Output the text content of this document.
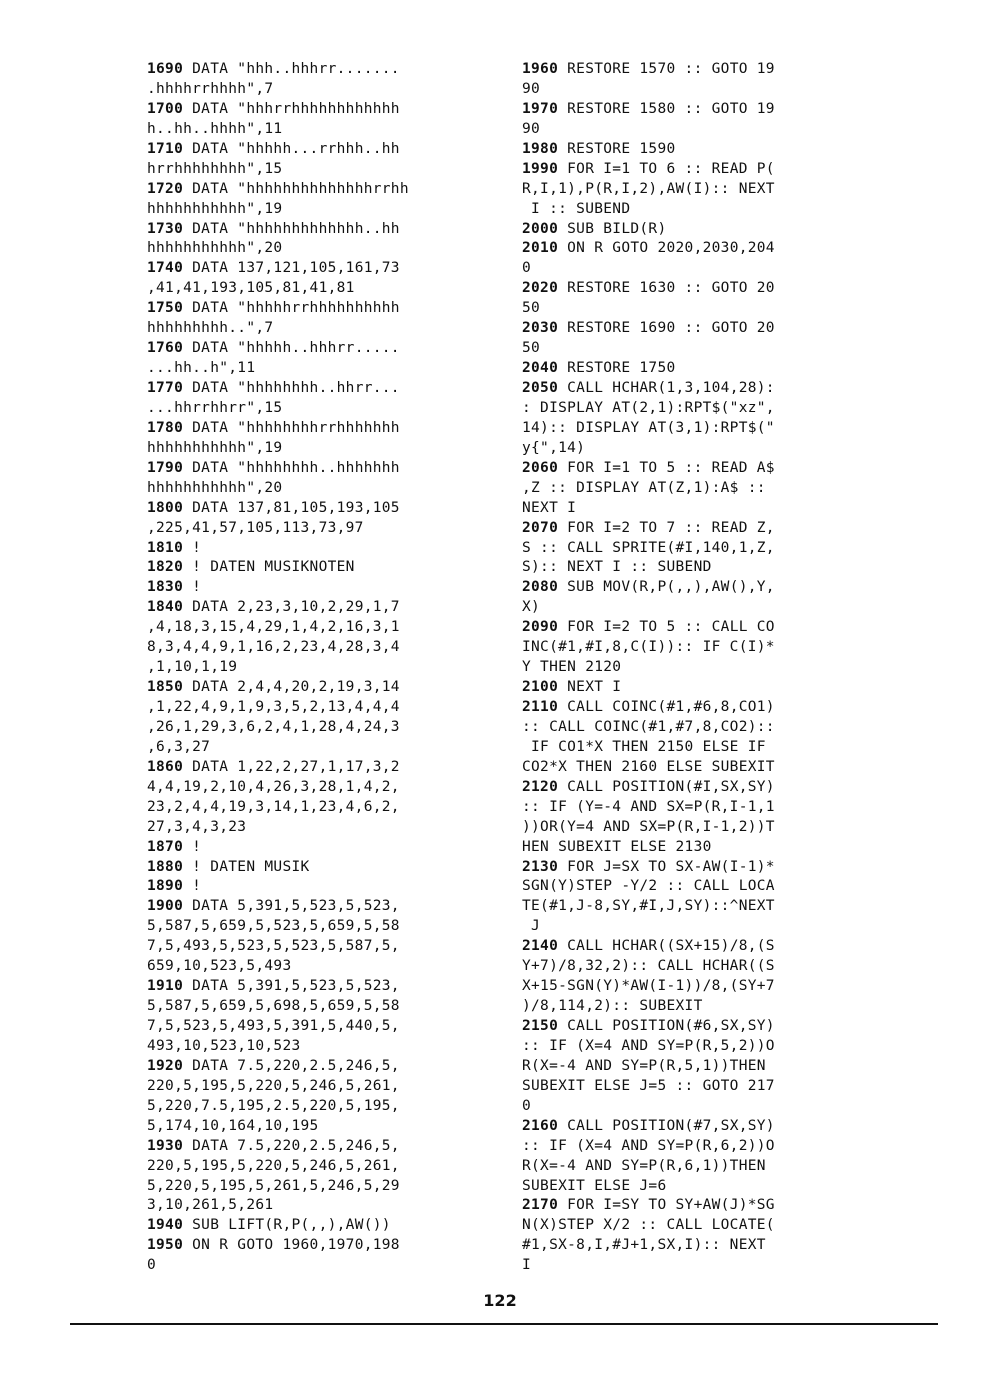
1690 DATA "hhh..hhhrr.......
.hhhhrrhhhh",7
1700 DATA "hhhrrhhhhhhhhhhhh
h..hh..hhhh",11
1710 DATA "hhhhh...rrhhh..hh
hrrhhhhhhhh",15
1720 DATA "hhhhhhhhhhhhhhrrhh
hhhhhhhhhhh",19
1730 DATA "hhhhhhhhhhhhh..hh
hhhhhhhhhhh",20
1740 DATA 137,121,105,161,73
,41,41,193,105,81,41,81
1750 DATA "hhhhhrrhhhhhhhhhh
hhhhhhhhh..",7
1760 DATA "hhhhh..hhhrr.....
...hh..h",11
1770 DATA "hhhhhhhh..hhrr...
...hhrrhhrr",15
1780 DATA "hhhhhhhhrrhhhhhhh
hhhhhhhhhhh",19
1790 DATA "hhhhhhhh..hhhhhhh
hhhhhhhhhhh",20
1800 DATA 137,81,105,193,105
,225,41,57,105,113,73,97
1810 !
1820 ! DATEN MUSIKNOTEN
1830 !
1840 DATA 2,23,3,10,2,29,1,7
,4,18,3,15,4,29,1,4,2,16,3,1
8,3,4,4,9,1,16,2,23,4,28,3,4
,1,10,1,19
1850 DATA 2,4,4,20,2,19,3,14
,1,22,4,9,1,9,3,5,2,13,4,4,4
,26,1,29,3,6,2,4,1,28,4,24,3
,6,3,27
1860 DATA 1,22,2,27,1,17,3,2
4,4,19,2,10,4,26,3,28,1,4,2,
23,2,4,4,19,3,14,1,23,4,6,2,
27,3,4,3,23
1870 !
1880 ! DATEN MUSIK
1890 !
1900 DATA 5,391,5,523,5,523,
5,587,5,659,5,523,5,659,5,58
7,5,493,5,523,5,523,5,587,5,
659,10,523,5,493
1910 DATA 5,391,5,523,5,523,
5,587,5,659,5,698,5,659,5,58
7,5,523,5,493,5,391,5,440,5,
493,10,523,10,523
1920 DATA 7.5,220,2.5,246,5,
220,5,195,5,220,5,246,5,261,
5,220,7.5,195,2.5,220,5,195,
5,174,10,164,10,195
1930 DATA 7.5,220,2.5,246,5,
220,5,195,5,220,5,246,5,261,
5,220,5,195,5,261,5,246,5,29
3,10,261,5,261
1940 SUB LIFT(R,P(,,),AW())
1950 ON R GOTO 1960,1970,198
0
1960 RESTORE 1570 :: GOTO 19
90
1970 RESTORE 1580 :: GOTO 19
90
1980 RESTORE 1590
1990 FOR I=1 TO 6 :: READ P(
R,I,1),P(R,I,2),AW(I):: NEXT
I :: SUBEND
2000 SUB BILD(R)
2010 ON R GOTO 2020,2030,204
0
2020 RESTORE 1630 :: GOTO 20
50
2030 RESTORE 1690 :: GOTO 20
50
2040 RESTORE 1750
2050 CALL HCHAR(1,3,104,28):
: DISPLAY AT(2,1):RPT$("xz",
14):: DISPLAY AT(3,1):RPT$("
y{",14)
2060 FOR I=1 TO 5 :: READ A$
,Z :: DISPLAY AT(Z,1):A$ ::
NEXT I
2070 FOR I=2 TO 7 :: READ Z,
S :: CALL SPRITE(#I,140,1,Z,
S):: NEXT I :: SUBEND
2080 SUB MOV(R,P(,,),AW(),Y,
X)
2090 FOR I=2 TO 5 :: CALL CO
INC(#1,#I,8,C(I)):: IF C(I)*
Y THEN 2120
2100 NEXT I
2110 CALL COINC(#1,#6,8,CO1)
:: CALL COINC(#1,#7,8,CO2)::
IF CO1*X THEN 2150 ELSE IF
CO2*X THEN 2160 ELSE SUBEXIT
2120 CALL POSITION(#I,SX,SY)
:: IF (Y=-4 AND SX=P(R,I-1,1
))OR(Y=4 AND SX=P(R,I-1,2))T
HEN SUBEXIT ELSE 2130
2130 FOR J=SX TO SX-AW(I-1)*
SGN(Y)STEP -Y/2 :: CALL LOCA
TE(#1,J-8,SY,#I,J,SY)::^NEXT
J
2140 CALL HCHAR((SX+15)/8,(S
Y+7)/8,32,2):: CALL HCHAR((S
X+15-SGN(Y)*AW(I-1))/8,(SY+7
)/8,114,2):: SUBEXIT
2150 CALL POSITION(#6,SX,SY)
:: IF (X=4 AND SY=P(R,5,2))O
R(X=-4 AND SY=P(R,5,1))THEN
SUBEXIT ELSE J=5 :: GOTO 217
0
2160 CALL POSITION(#7,SX,SY)
:: IF (X=4 AND SY=P(R,6,2))O
R(X=-4 AND SY=P(R,6,1))THEN
SUBEXIT ELSE J=6
2170 FOR I=SY TO SY+AW(J)*SG
N(X)STEP X/2 :: CALL LOCATE(
#1,SX-8,I,#J+1,SX,I):: NEXT
I
122
